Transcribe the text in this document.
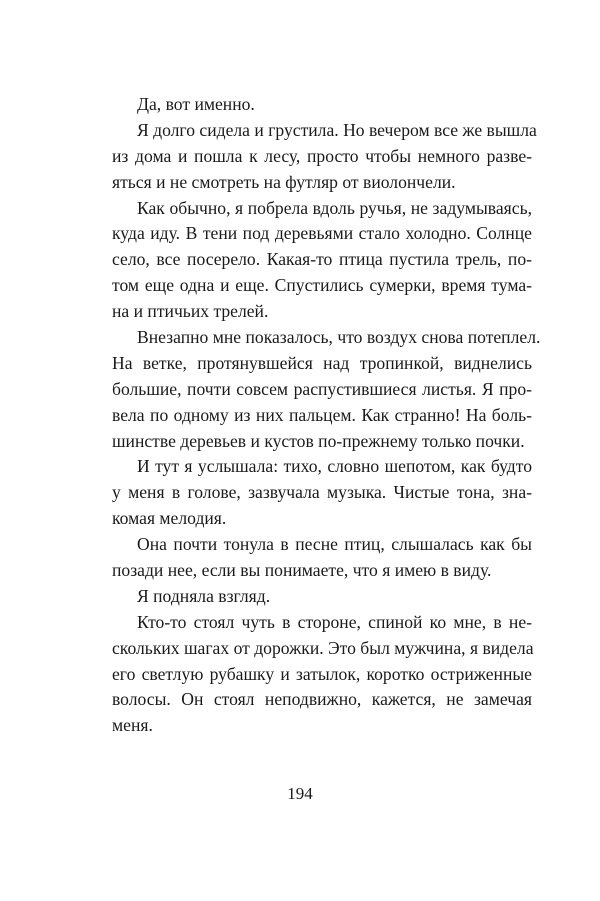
Да, вот именно.
Я долго сидела и грустила. Но вечером все же вышла
из дома и пошла к лесу, просто чтобы немного разве-
яться и не смотреть на футляр от виолончели.
Как обычно, я побрела вдоль ручья, не задумываясь,
куда иду. В тени под деревьями стало холодно. Солнце
село, все посерело. Какая-то птица пустила трель, по-
том еще одна и еще. Спустились сумерки, время тума-
на и птичьих трелей.
Внезапно мне показалось, что воздух снова потеплел.
На ветке, протянувшейся над тропинкой, виднелись
большие, почти совсем распустившиеся листья. Я про-
вела по одному из них пальцем. Как странно! На боль-
шинстве деревьев и кустов по-прежнему только почки.
И тут я услышала: тихо, словно шепотом, как будто
у меня в голове, зазвучала музыка. Чистые тона, зна-
комая мелодия.
Она почти тонула в песне птиц, слышалась как бы
позади нее, если вы понимаете, что я имею в виду.
Я подняла взгляд.
Кто-то стоял чуть в стороне, спиной ко мне, в не-
скольких шагах от дорожки. Это был мужчина, я видела
его светлую рубашку и затылок, коротко остриженные
волосы. Он стоял неподвижно, кажется, не замечая
меня.
194
